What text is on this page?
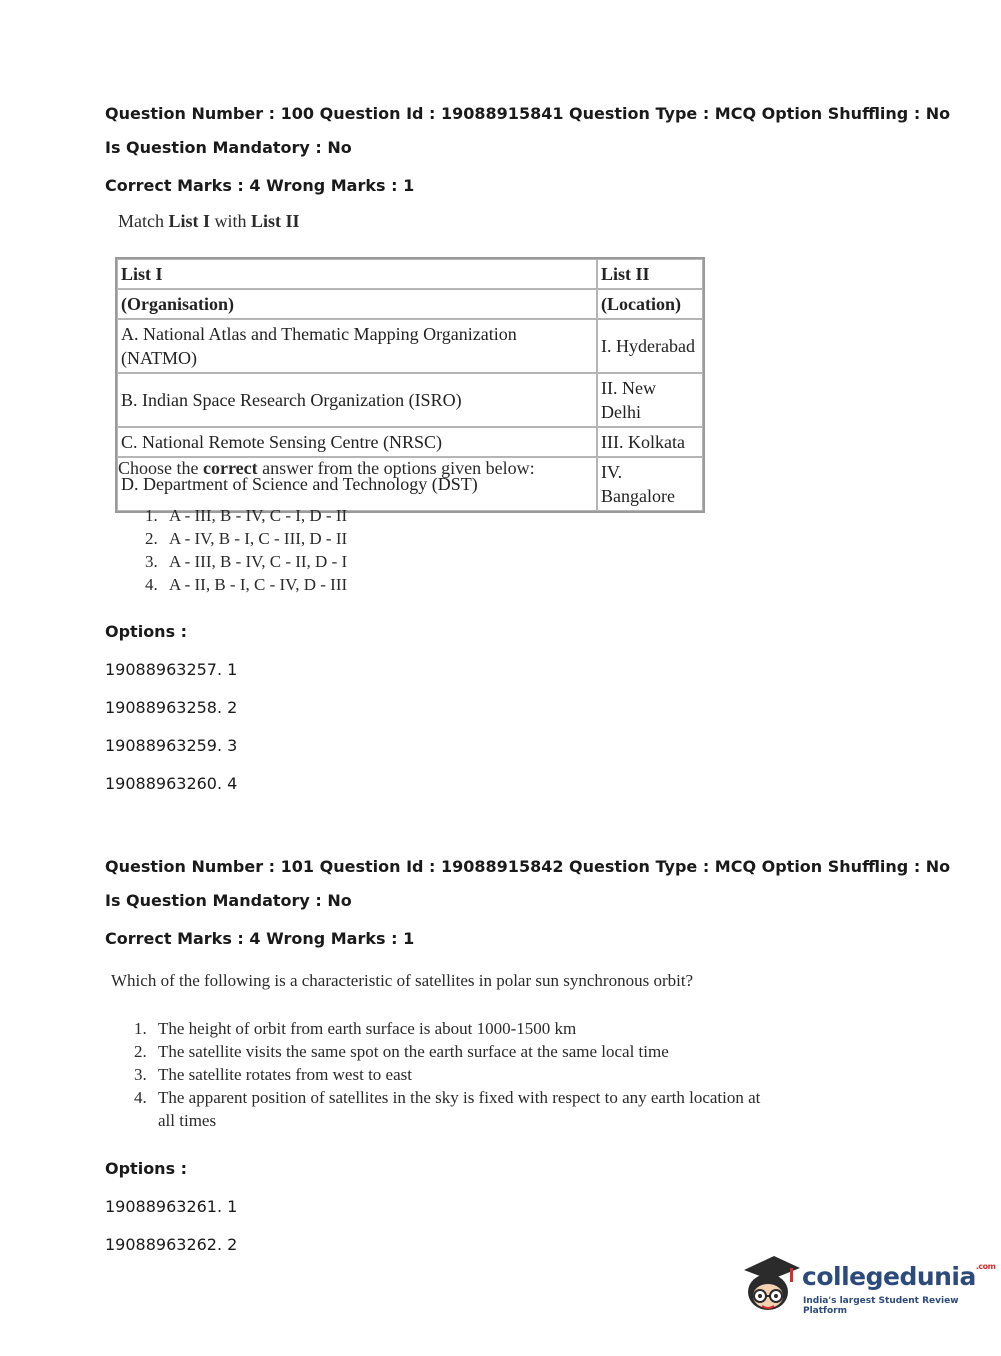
Question Number : 100 Question Id : 19088915841 Question Type : MCQ Option Shuffling : No
Is Question Mandatory : No
Correct Marks : 4 Wrong Marks : 1
Match List I with List II
List I	List II
(Organisation)	(Location)
A. National Atlas and Thematic Mapping Organization (NATMO)	I. Hyderabad
B. Indian Space Research Organization (ISRO)	II. New Delhi
C. National Remote Sensing Centre (NRSC)	III. Kolkata
D. Department of Science and Technology (DST)	IV. Bangalore
Choose the correct answer from the options given below:
1. A - III, B - IV, C - I, D - II
2. A - IV, B - I, C - III, D - II
3. A - III, B - IV, C - II, D - I
4. A - II, B - I, C - IV, D - III
Options :
19088963257. 1
19088963258. 2
19088963259. 3
19088963260. 4
Question Number : 101 Question Id : 19088915842 Question Type : MCQ Option Shuffling : No
Is Question Mandatory : No
Correct Marks : 4 Wrong Marks : 1
Which of the following is a characteristic of satellites in polar sun synchronous orbit?
1. The height of orbit from earth surface is about 1000-1500 km
2. The satellite visits the same spot on the earth surface at the same local time
3. The satellite rotates from west to east
4. The apparent position of satellites in the sky is fixed with respect to any earth location at
all times
Options :
19088963261. 1
19088963262. 2
collegedunia$^{.com}$
India's largest Student Review Platform
